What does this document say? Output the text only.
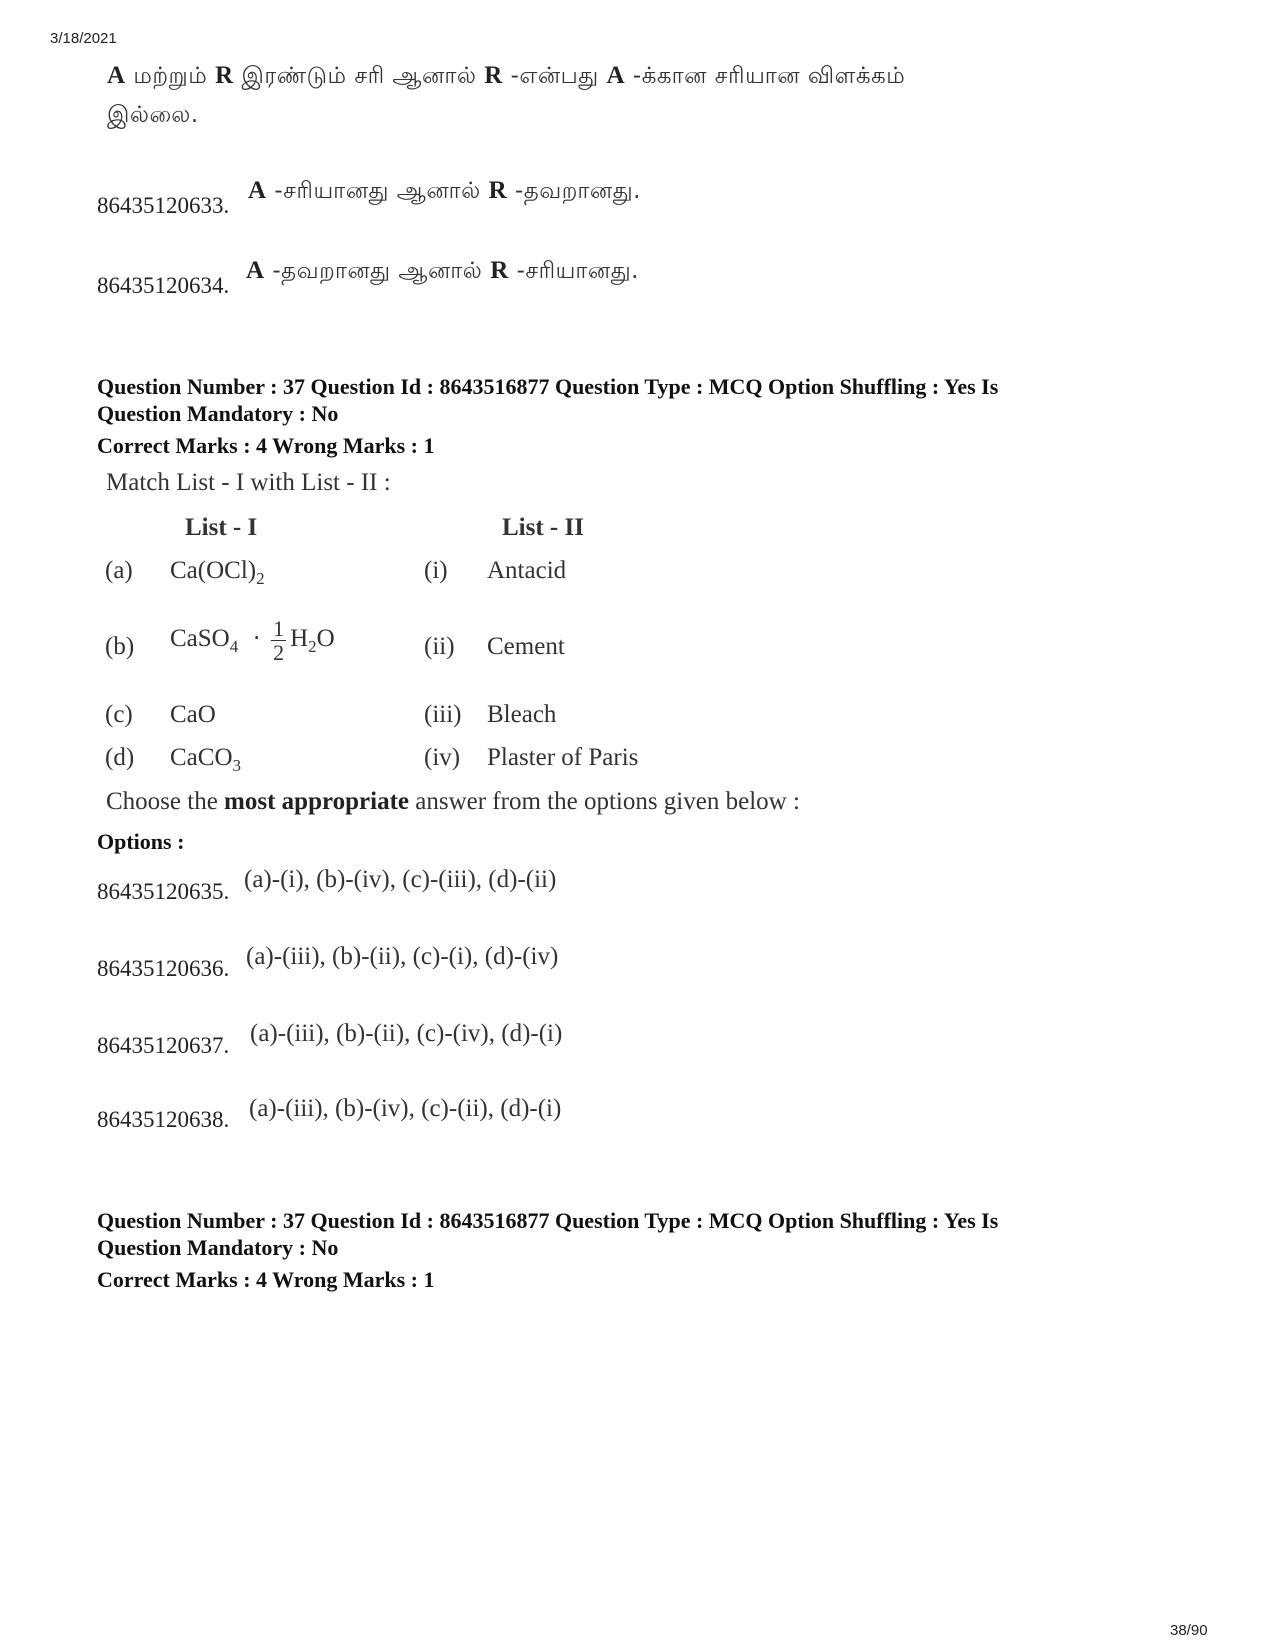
3/18/2021
38/90
A மற்றும் R இரண்டும் சரி ஆனால் R -என்பது A -க்கான சரியான விளக்கம்
இல்லை.
86435120633.
A -சரியானது ஆனால் R -தவறானது.
86435120634.
A -தவறானது ஆனால் R -சரியானது.
Question Number : 37 Question Id : 8643516877 Question Type : MCQ Option Shuffling : Yes Is
Question Mandatory : No
Correct Marks : 4 Wrong Marks : 1
Match List - I with List - II :
List - I	List - II
(a) $Ca(OCl)_2$	(i) Antacid
(b) CaSO$_4$ · $\frac{1}{2} H_2O$	(ii) Cement
(c) CaO	(iii) Bleach
(d) CaCO$_3$	(iv) Plaster of Paris
Choose the most appropriate answer from the options given below :
Options :
86435120635. (a)-(i), (b)-(iv), (c)-(iii), (d)-(ii)
86435120636. (a)-(iii), (b)-(ii), (c)-(i), (d)-(iv)
86435120637. (a)-(iii), (b)-(ii), (c)-(iv), (d)-(i)
86435120638. (a)-(iii), (b)-(iv), (c)-(ii), (d)-(i)
Question Number : 37 Question Id : 8643516877 Question Type : MCQ Option Shuffling : Yes Is
Question Mandatory : No
Correct Marks : 4 Wrong Marks : 1
